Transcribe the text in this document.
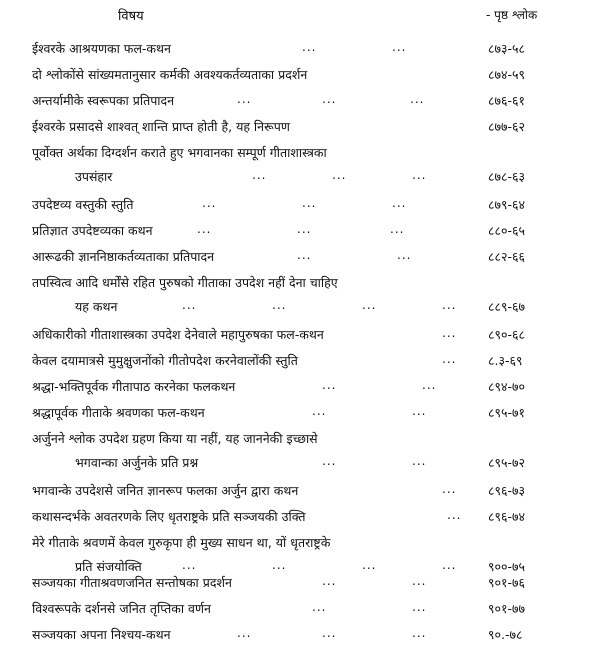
विषय	- पृष्ठ श्लोक
ईश्वरके आश्रयणका फल-कथन	...	...	८७३-५८
दो श्लोकोंसे सांख्यमतानुसार कर्मकी अवश्यकर्तव्यताका प्रदर्शन	८७४-५९
अन्तर्यामीके स्वरूपका प्रतिपादन	...	...	...	८७६-६१
ईश्वरके प्रसादसे शाश्वत् शान्ति प्राप्त होती है, यह निरूपण	८७७-६२
पूर्वोक्त अर्थका दिग्दर्शन कराते हुए भगवानका सम्पूर्ण गीताशास्त्रका
उपसंहार	...	...	...	८७८-६३
उपदेष्टव्य वस्तुकी स्तुति	...	...	...	८७९-६४
प्रतिज्ञात उपदेष्टव्यका कथन	...	...	...	८८०-६५
आरूढकी ज्ञाननिष्ठाकर्तव्यताका प्रतिपादन	...	...	८८२-६६
तपस्वित्व आदि धर्मोंसे रहित पुरुषको गीताका उपदेश नहीं देना चाहिए
यह कथन	...	...	...	...	८८९-६७
अधिकारीको गीताशास्त्रका उपदेश देनेवाले महापुरुषका फल-कथन	...	८९०-६८
केवल दयामात्रसे मुमुक्षुजनोंको गीतोपदेश करनेवालोंकी स्तुति	...	८.३-६९
श्रद्धा-भक्तिपूर्वक गीतापाठ करनेका फलकथन	...	...	८९४-७०
श्रद्धापूर्वक गीताके श्रवणका फल-कथन	...	...	८९५-७१
अर्जुनने श्लोक उपदेश ग्रहण किया या नहीं, यह जाननेकी इच्छासे
भगवान्का अर्जुनके प्रति प्रश्न	...	...	८९५-७२
भगवान्के उपदेशसे जनित ज्ञानरूप फलका अर्जुन द्वारा कथन	...	८९६-७३
कथासन्दर्भके अवतरणके लिए धृतराष्ट्रके प्रति सञ्जयकी उक्ति	... ८९६-७४
मेरे गीताके श्रवणमें केवल गुरुकृपा ही मुख्य साधन था, यों धृतराष्ट्रके
प्रति संजयोक्ति	...	...	...	...	९००-७५
सञ्जयका गीताश्रवणजनित सन्तोषका प्रदर्शन	...	...	९०१-७६
विश्वरूपके दर्शनसे जनित तृप्तिका वर्णन	...	...	९०१-७७
सञ्जयका अपना निश्चय-कथन	...	...	...	९०.-७८
